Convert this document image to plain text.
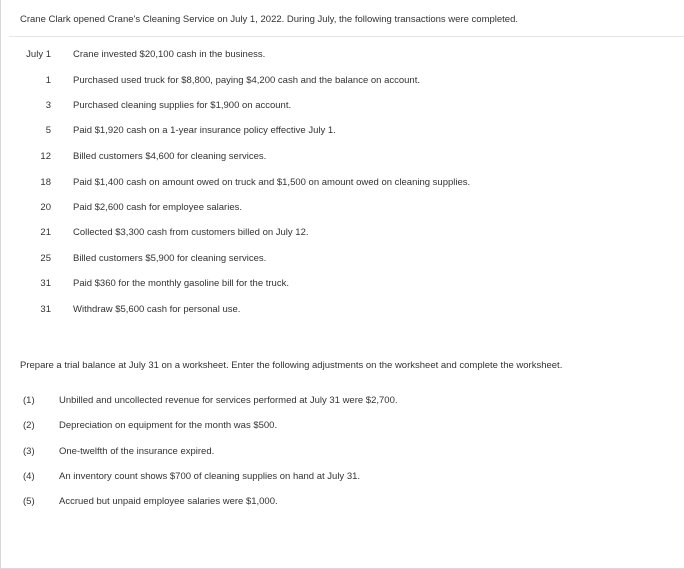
Crane Clark opened Crane's Cleaning Service on July 1, 2022. During July, the following transactions were completed.
July 1 Crane invested $20,100 cash in the business.
1 Purchased used truck for $8,800, paying $4,200 cash and the balance on account.
3 Purchased cleaning supplies for $1,900 on account.
5 Paid $1,920 cash on a 1-year insurance policy effective July 1.
12 Billed customers $4,600 for cleaning services.
18 Paid $1,400 cash on amount owed on truck and $1,500 on amount owed on cleaning supplies.
20 Paid $2,600 cash for employee salaries.
21 Collected $3,300 cash from customers billed on July 12.
25 Billed customers $5,900 for cleaning services.
31 Paid $360 for the monthly gasoline bill for the truck.
31 Withdraw $5,600 cash for personal use.
Prepare a trial balance at July 31 on a worksheet. Enter the following adjustments on the worksheet and complete the worksheet.
(1)	Unbilled and uncollected revenue for services performed at July 31 were $2,700.
(2)	Depreciation on equipment for the month was $500.
(3)	One-twelfth of the insurance expired.
(4)	An inventory count shows $700 of cleaning supplies on hand at July 31.
(5)	Accrued but unpaid employee salaries were $1,000.
